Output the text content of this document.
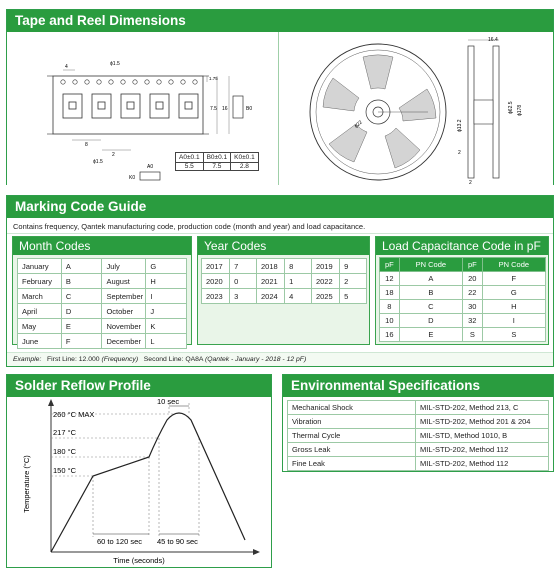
Tape and Reel Dimensions
ϕ1.5
ϕ1.5
4
8
2
1.75
7.5 16	B0
A0
K0
A0±0.1	B0±0.1	K0±0.1
5.5	7.5	2.8
16.4
ϕ178
ϕ62.5
ϕ13.2
ϕ22
2
2
Marking Code Guide
Contains frequency, Qantek manufacturing code, production code (month and year) and load capacitance.
Month Codes
January	A	July	G
February	B	August	H
March	C	September	I
April	D	October	J
May	E	November	K
June	F	December	L
Year Codes
2017	7	2018	8	2019	9
2020	0	2021	1	2022	2
2023	3	2024	4	2025	5
Load Capacitance Code in pF
pF	PN Code	pF	PN Code
12	A	20	F
18	B	22	G
8	C	30	H
10	D	32	I
16	E	S	S
Example: First Line: 12.000 (Frequency) Second Line: QA8A (Qantek - January - 2018 - 12 pF)
Solder Reflow Profile
260 °C MAX
217 °C
180 °C
150 °C
10 sec
60 to 120 sec 45 to 90 sec
Time (seconds)
Temperature (°C)
Environmental Specifications
Mechanical Shock	MIL-STD-202, Method 213, C
Vibration	MIL-STD-202, Method 201 & 204
Thermal Cycle	MIL-STD, Method 1010, B
Gross Leak	MIL-STD-202, Method 112
Fine Leak	MIL-STD-202, Method 112
